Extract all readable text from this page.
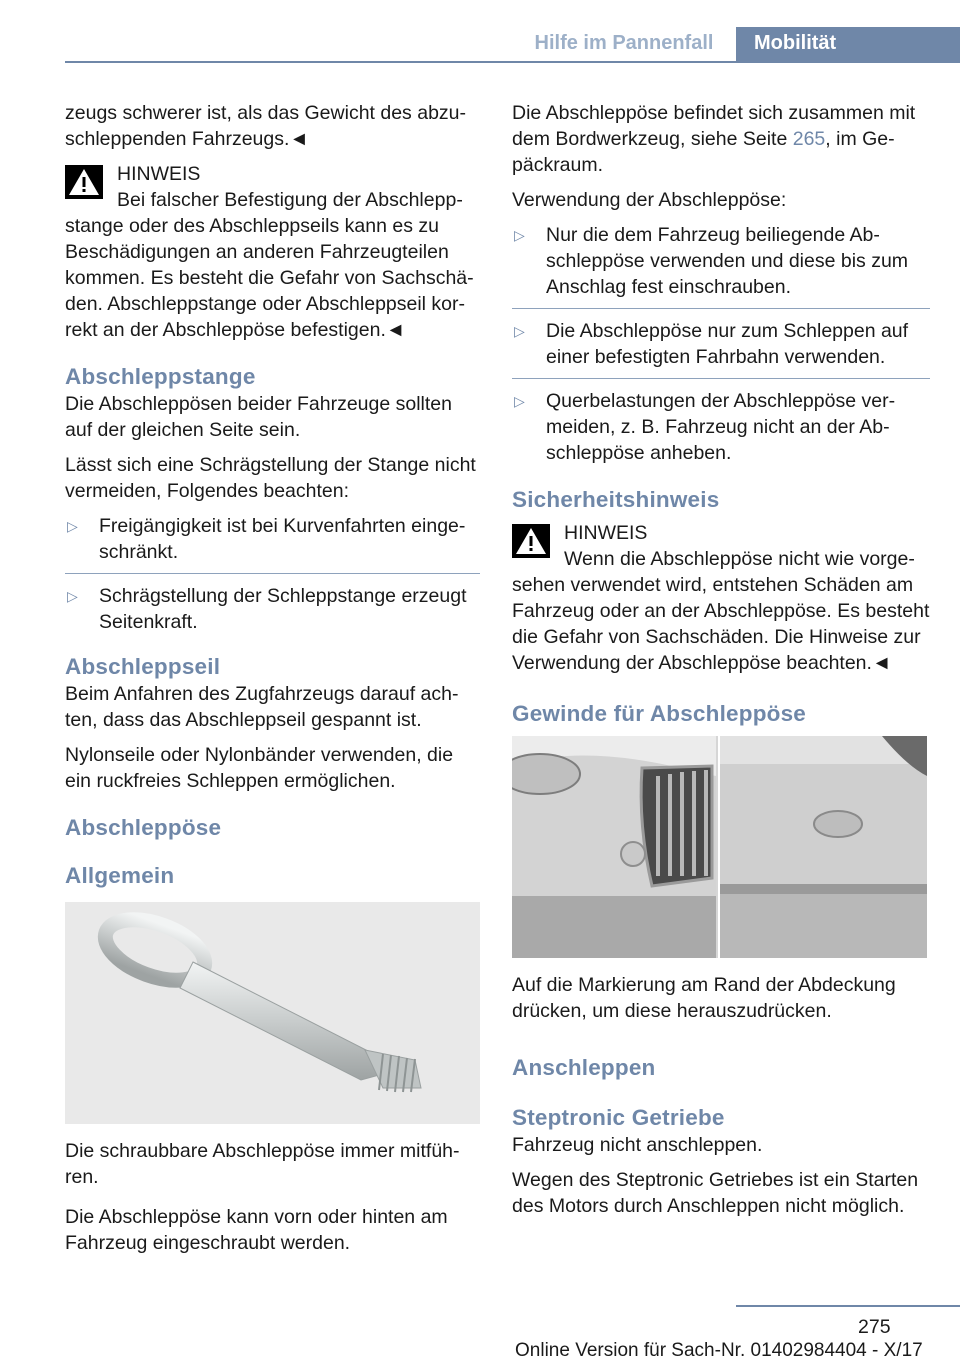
Hilfe im Pannenfall	Mobilität

zeugs schwerer ist, als das Gewicht des abzuschleppenden Fahrzeugs.◄

HINWEIS
Bei falscher Befestigung der Abschleppstange oder des Abschleppseils kann es zu Beschädigungen an anderen Fahrzeugteilen kommen. Es besteht die Gefahr von Sachschäden. Abschleppstange oder Abschleppseil korrekt an der Abschleppöse befestigen.◄
Abschleppstange

Die Abschleppösen beider Fahrzeuge sollten auf der gleichen Seite sein.

Lässt sich eine Schrägstellung der Stange nicht vermeiden, Folgendes beachten:

▷ Freigängigkeit ist bei Kurvenfahrten eingeschränkt.
▷ Schrägstellung der Schleppstange erzeugt Seitenkraft.
Abschleppseil

Beim Anfahren des Zugfahrzeugs darauf achten, dass das Abschleppseil gespannt ist.

Nylonseile oder Nylonbänder verwenden, die ein ruckfreies Schleppen ermöglichen.

Abschleppöse
Allgemein

Die schraubbare Abschleppöse immer mitführen.

Die Abschleppöse kann vorn oder hinten am Fahrzeug eingeschraubt werden.

Die Abschleppöse befindet sich zusammen mit dem Bordwerkzeug, siehe Seite 265, im Gepäckraum.

Verwendung der Abschleppöse:

▷ Nur die dem Fahrzeug beiliegende Abschleppöse verwenden und diese bis zum Anschlag fest einschrauben.
▷ Die Abschleppöse nur zum Schleppen auf einer befestigten Fahrbahn verwenden.
▷ Querbelastungen der Abschleppöse vermeiden, z. B. Fahrzeug nicht an der Abschleppöse anheben.
Sicherheitshinweis
HINWEIS
Wenn die Abschleppöse nicht wie vorgesehen verwendet wird, entstehen Schäden am Fahrzeug oder an der Abschleppöse. Es besteht die Gefahr von Sachschäden. Die Hinweise zur Verwendung der Abschleppöse beachten.◄
Gewinde für Abschleppöse

Auf die Markierung am Rand der Abdeckung drücken, um diese herauszudrücken.

Anschleppen
Steptronic Getriebe

Fahrzeug nicht anschleppen.

Wegen des Steptronic Getriebes ist ein Starten des Motors durch Anschleppen nicht möglich.

275
Online Version für Sach-Nr. 01402984404 - X/17
